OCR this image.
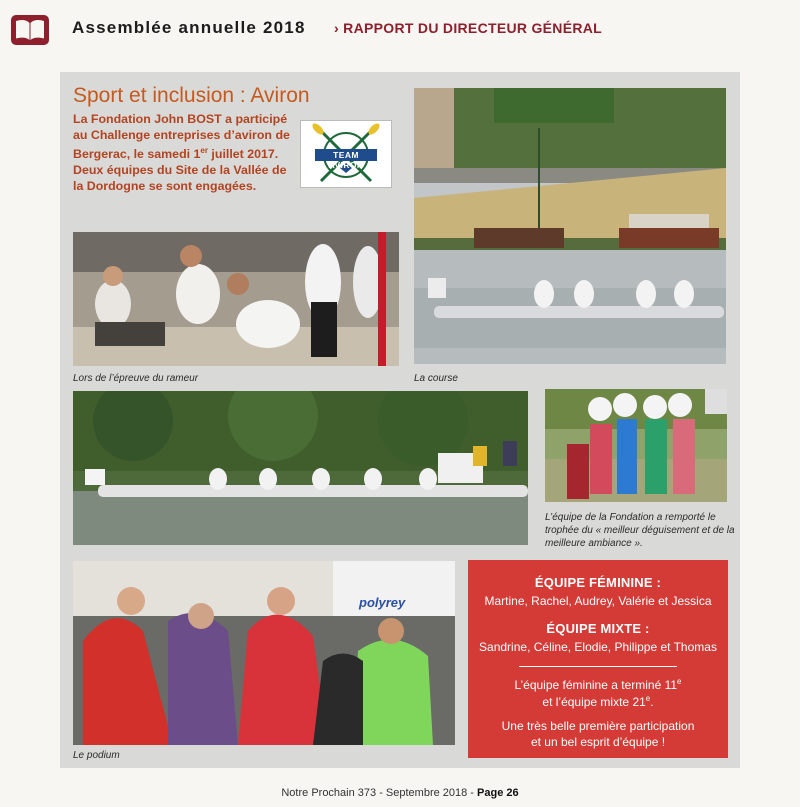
Assemblée annuelle 2018 › RAPPORT DU DIRECTEUR GÉNÉRAL
Sport et inclusion : Aviron
La Fondation John BOST a participé au Challenge entreprises d’aviron de Bergerac, le samedi 1er juillet 2017. Deux équipes du Site de la Vallée de la Dordogne se sont engagées.
TEAM AVIRON
Lors de l’épreuve du rameur	La course
L’équipe de la Fondation a remporté le trophée du « meilleur déguisement et de la meilleure ambiance ».
polyrey
Le podium
ÉQUIPE FÉMININE :
Martine, Rachel, Audrey, Valérie et Jessica
ÉQUIPE MIXTE :
Sandrine, Céline, Elodie, Philippe et Thomas
L’équipe féminine a terminé 11e
et l’équipe mixte 21e.
Une très belle première participation
et un bel esprit d’équipe !
Notre Prochain 373 - Septembre 2018 - Page 26
